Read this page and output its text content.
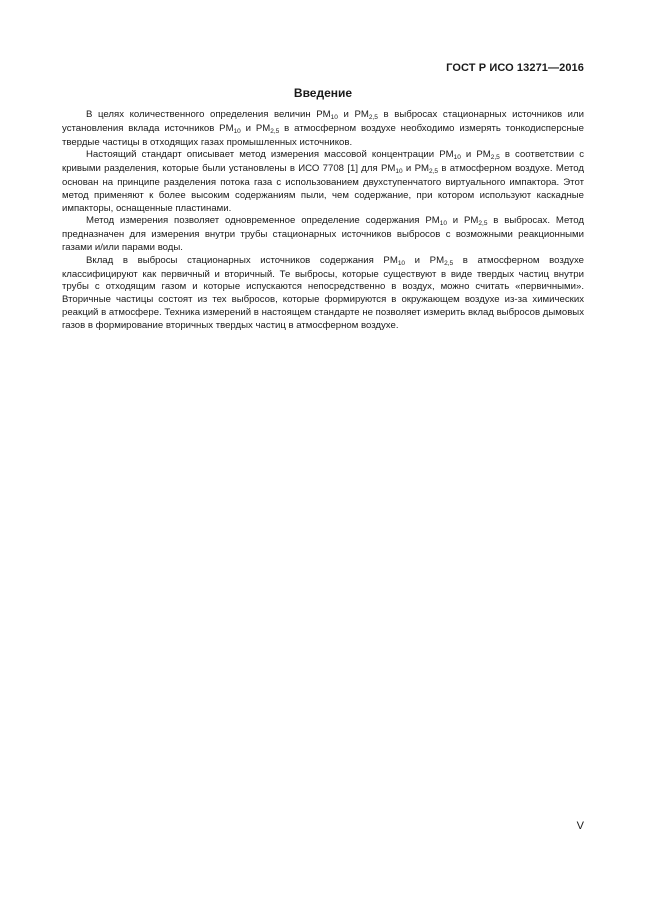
ГОСТ Р ИСО 13271—2016
Введение

В целях количественного определения величин $PM_{10}$ и $PM_{2,5}$ в выбросах стационарных источников или установления вклада источников $PM_{10}$ и $PM_{2,5}$ в атмосферном воздухе необходимо измерять тонкодисперсные твердые частицы в отходящих газах промышленных источников.

Настоящий стандарт описывает метод измерения массовой концентрации $PM_{10}$ и $PM_{2,5}$ в соответствии с кривыми разделения, которые были установлены в ИСО 7708 [1] для $PM_{10}$ и $PM_{2,5}$ в атмосферном воздухе. Метод основан на принципе разделения потока газа с использованием двухступенчатого виртуального импактора. Этот метод применяют к более высоким содержаниям пыли, чем содержание, при котором используют каскадные импакторы, оснащенные пластинами.

Метод измерения позволяет одновременное определение содержания $PM_{10}$ и $PM_{2,5}$ в выбросах. Метод предназначен для измерения внутри трубы стационарных источников выбросов с возможными реакционными газами и/или парами воды.

Вклад в выбросы стационарных источников содержания $PM_{10}$ и $PM_{2,5}$ в атмосферном воздухе классифицируют как первичный и вторичный. Те выбросы, которые существуют в виде твердых частиц внутри трубы с отходящим газом и которые испускаются непосредственно в воздух, можно считать «первичными». Вторичные частицы состоят из тех выбросов, которые формируются в окружающем воздухе из-за химических реакций в атмосфере. Техника измерений в настоящем стандарте не позволяет измерить вклад выбросов дымовых газов в формирование вторичных твердых частиц в атмосферном воздухе.

V
